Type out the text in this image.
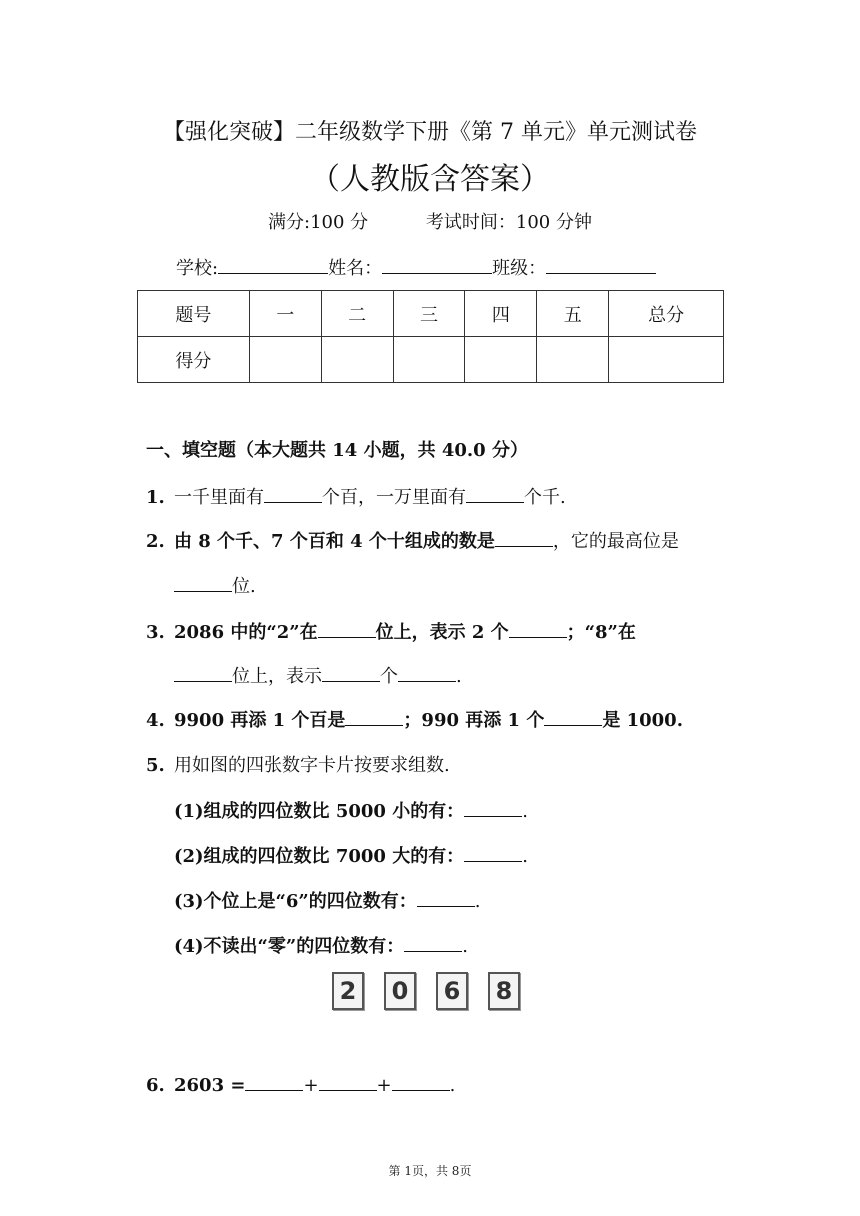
【强化突破】二年级数学下册《第 7 单元》单元测试卷
（人教版含答案）
满分:100 分	考试时间：100 分钟
学校:	姓名：	班级：
题号	一	二	三	四	五	总分
得分						
一、填空题（本大题共 14 小题，共 40.0 分）
1. 一千里面有	个百，一万里面有	个千.
2. 由 8 个千、7 个百和 4 个十组成的数是	，它的最高位是
位.
3. 2086 中的“2”在	位上，表示 2 个	；“8”在
位上，表示	个	.
4. 9900 再添 1 个百是	；990 再添 1 个	是 1000.
5. 用如图的四张数字卡片按要求组数.
(1)组成的四位数比 5000 小的有：	.
(2)组成的四位数比 7000 大的有：	.
(3)个位上是“6”的四位数有：	.
(4)不读出“零”的四位数有：	.
2	0	6	8
6. 2603 =	+	+	.
第 1页，共 8页
